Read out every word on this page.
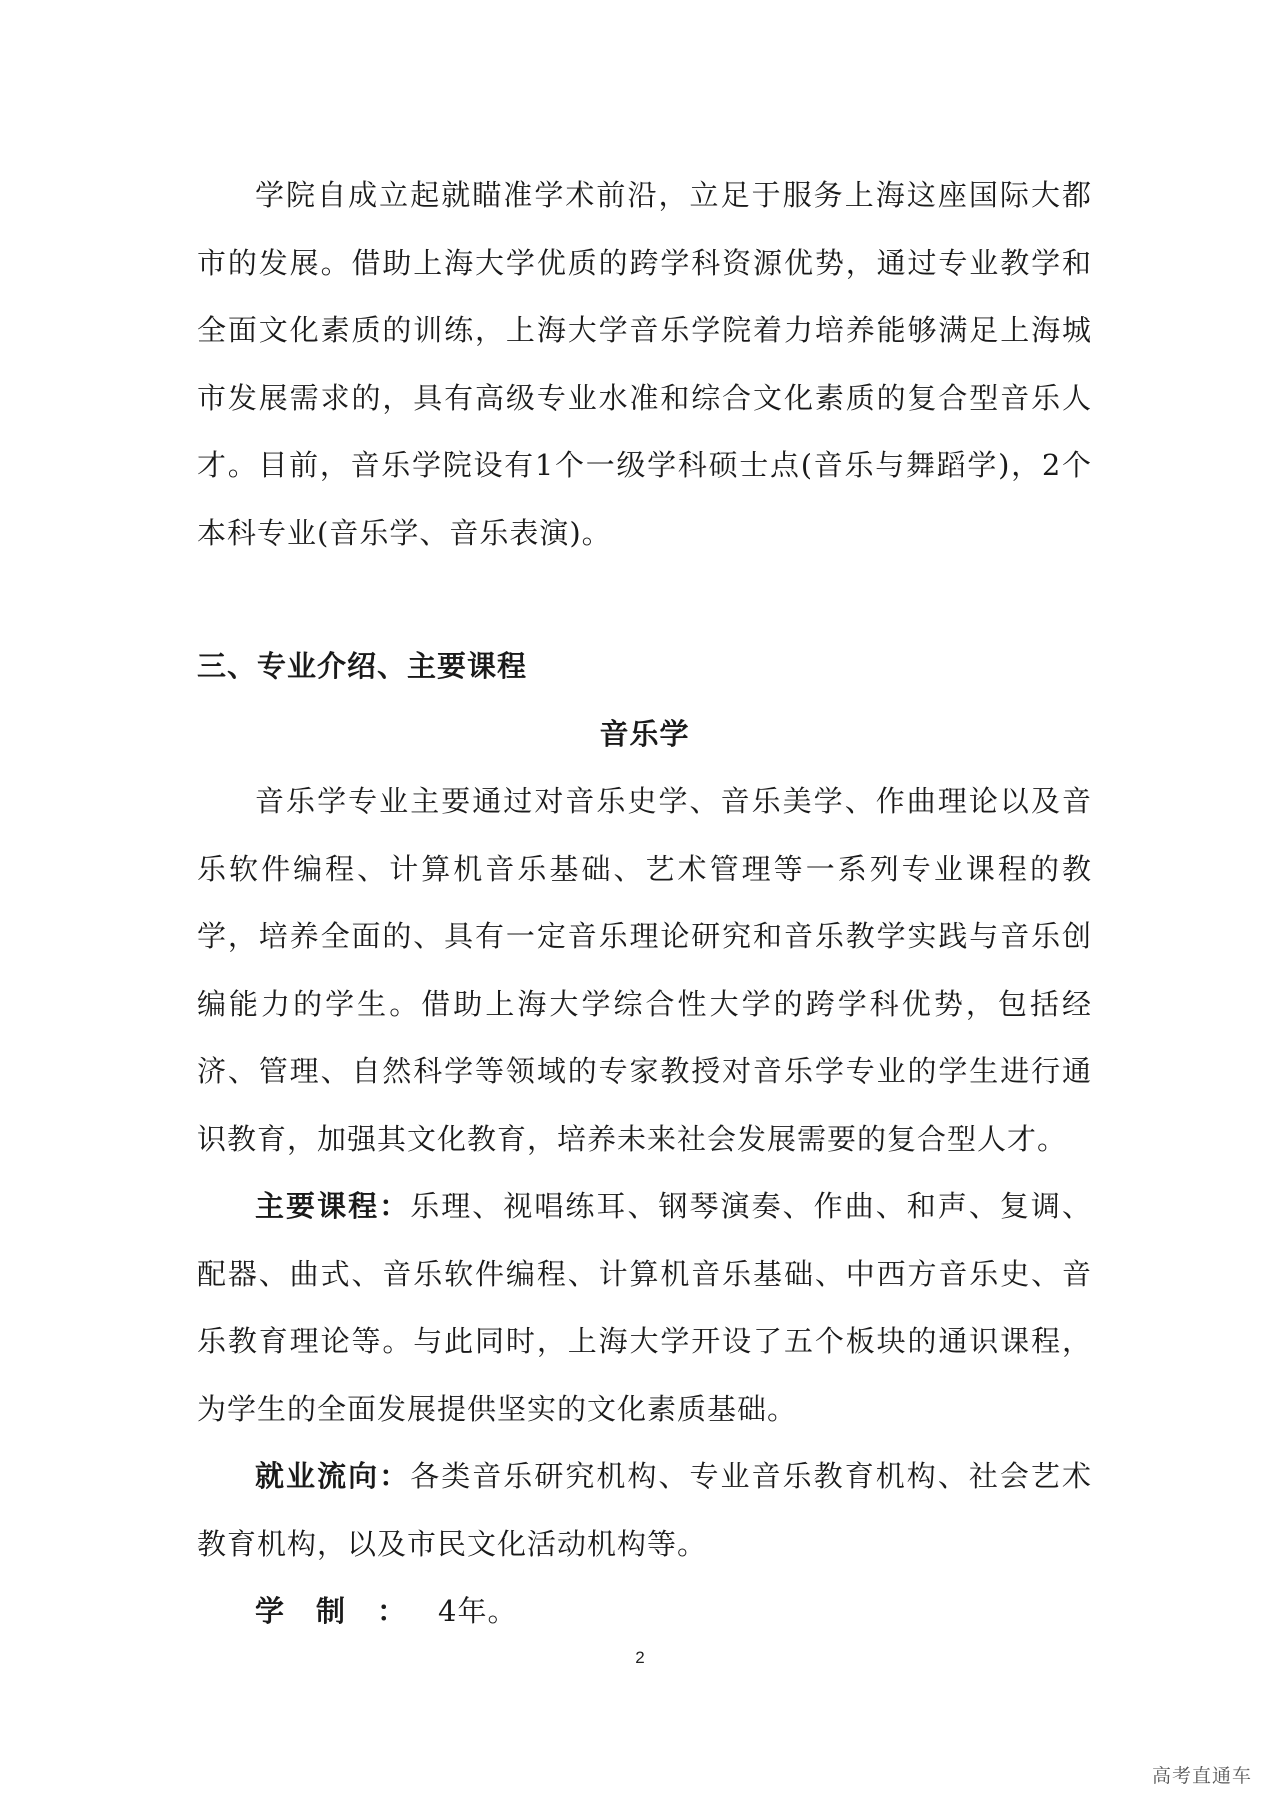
学院自成立起就瞄准学术前沿，立足于服务上海这座国际大都市的发展。借助上海大学优质的跨学科资源优势，通过专业教学和全面文化素质的训练，上海大学音乐学院着力培养能够满足上海城市发展需求的，具有高级专业水准和综合文化素质的复合型音乐人才。目前，音乐学院设有1个一级学科硕士点(音乐与舞蹈学)，2个本科专业(音乐学、音乐表演)。

三、专业介绍、主要课程
音乐学

音乐学专业主要通过对音乐史学、音乐美学、作曲理论以及音乐软件编程、计算机音乐基础、艺术管理等一系列专业课程的教学，培养全面的、具有一定音乐理论研究和音乐教学实践与音乐创编能力的学生。借助上海大学综合性大学的跨学科优势，包括经济、管理、自然科学等领域的专家教授对音乐学专业的学生进行通识教育，加强其文化教育，培养未来社会发展需要的复合型人才。

主要课程：乐理、视唱练耳、钢琴演奏、作曲、和声、复调、配器、曲式、音乐软件编程、计算机音乐基础、中西方音乐史、音乐教育理论等。与此同时，上海大学开设了五个板块的通识课程，为学生的全面发展提供坚实的文化素质基础。

就业流向：各类音乐研究机构、专业音乐教育机构、社会艺术教育机构，以及市民文化活动机构等。

学制：4年。

2
高考直通车
